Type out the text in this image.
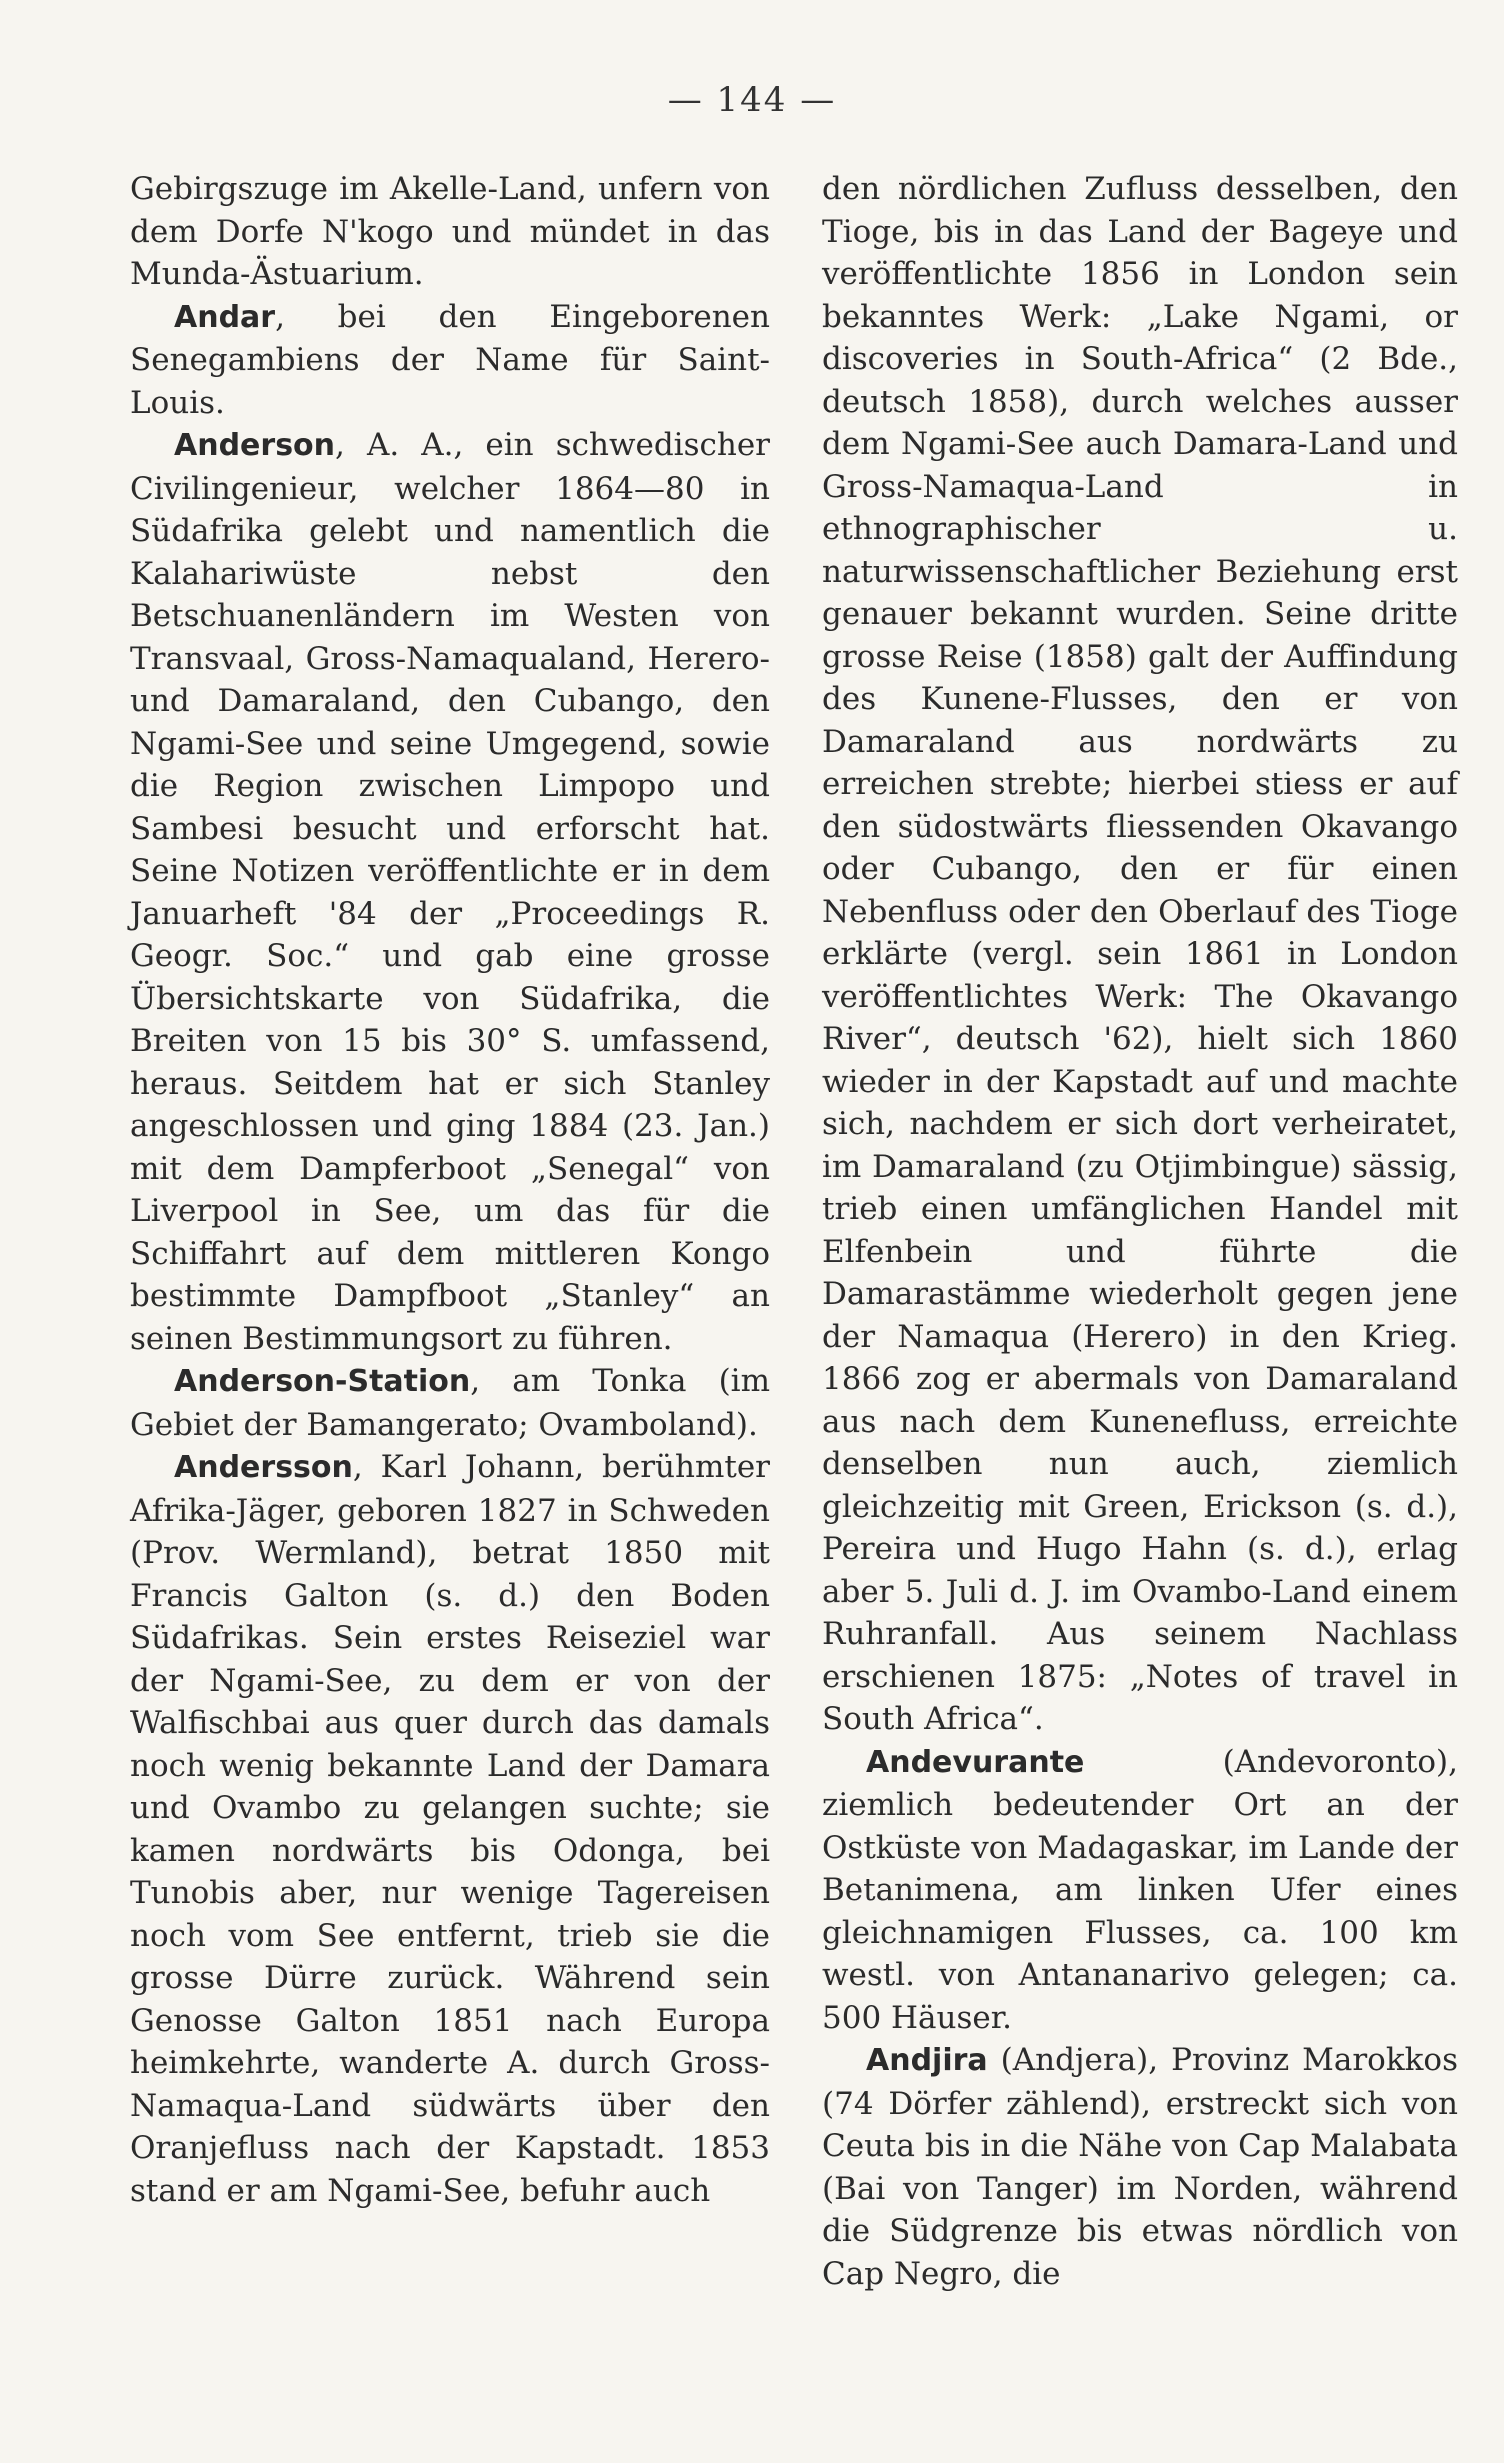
— 144 —

Gebirgszuge im Akelle-Land, unfern von dem Dorfe N'kogo und mündet in das Munda-Ästuarium.

Andar, bei den Eingeborenen Senegambiens der Name für Saint-Louis.

Anderson, A. A., ein schwedischer Civilingenieur, welcher 1864—80 in Südafrika gelebt und namentlich die Kalahariwüste nebst den Betschuanenländern im Westen von Transvaal, Gross-Namaqualand, Herero- und Damaraland, den Cubango, den Ngami-See und seine Umgegend, sowie die Region zwischen Limpopo und Sambesi besucht und erforscht hat. Seine Notizen veröffentlichte er in dem Januarheft '84 der „Proceedings R. Geogr. Soc.“ und gab eine grosse Übersichtskarte von Südafrika, die Breiten von 15 bis 30° S. umfassend, heraus. Seitdem hat er sich Stanley angeschlossen und ging 1884 (23. Jan.) mit dem Dampferboot „Senegal“ von Liverpool in See, um das für die Schiffahrt auf dem mittleren Kongo bestimmte Dampfboot „Stanley“ an seinen Bestimmungsort zu führen.

Anderson-Station, am Tonka (im Gebiet der Bamangerato; Ovamboland).

Andersson, Karl Johann, berühmter Afrika-Jäger, geboren 1827 in Schweden (Prov. Wermland), betrat 1850 mit Francis Galton (s. d.) den Boden Südafrikas. Sein erstes Reiseziel war der Ngami-See, zu dem er von der Walfischbai aus quer durch das damals noch wenig bekannte Land der Damara und Ovambo zu gelangen suchte; sie kamen nordwärts bis Odonga, bei Tunobis aber, nur wenige Tagereisen noch vom See entfernt, trieb sie die grosse Dürre zurück. Während sein Genosse Galton 1851 nach Europa heimkehrte, wanderte A. durch Gross-Namaqua-Land südwärts über den Oranjefluss nach der Kapstadt. 1853 stand er am Ngami-See, befuhr auch

den nördlichen Zufluss desselben, den Tioge, bis in das Land der Bageye und veröffentlichte 1856 in London sein bekanntes Werk: „Lake Ngami, or discoveries in South-Africa“ (2 Bde., deutsch 1858), durch welches ausser dem Ngami-See auch Damara-Land und Gross-Namaqua-Land in ethnographischer u. naturwissenschaftlicher Beziehung erst genauer bekannt wurden. Seine dritte grosse Reise (1858) galt der Auffindung des Kunene-Flusses, den er von Damaraland aus nordwärts zu erreichen strebte; hierbei stiess er auf den südostwärts fliessenden Okavango oder Cubango, den er für einen Nebenfluss oder den Oberlauf des Tioge erklärte (vergl. sein 1861 in London veröffentlichtes Werk: The Okavango River“, deutsch '62), hielt sich 1860 wieder in der Kapstadt auf und machte sich, nachdem er sich dort verheiratet, im Damaraland (zu Otjimbingue) sässig, trieb einen umfänglichen Handel mit Elfenbein und führte die Damarastämme wiederholt gegen jene der Namaqua (Herero) in den Krieg. 1866 zog er abermals von Damaraland aus nach dem Kunenefluss, erreichte denselben nun auch, ziemlich gleichzeitig mit Green, Erickson (s. d.), Pereira und Hugo Hahn (s. d.), erlag aber 5. Juli d. J. im Ovambo-Land einem Ruhranfall. Aus seinem Nachlass erschienen 1875: „Notes of travel in South Africa“.

Andevurante (Andevoronto), ziemlich bedeutender Ort an der Ostküste von Madagaskar, im Lande der Betanimena, am linken Ufer eines gleichnamigen Flusses, ca. 100 km westl. von Antananarivo gelegen; ca. 500 Häuser.

Andjira (Andjera), Provinz Marokkos (74 Dörfer zählend), erstreckt sich von Ceuta bis in die Nähe von Cap Malabata (Bai von Tanger) im Norden, während die Südgrenze bis etwas nördlich von Cap Negro, die
